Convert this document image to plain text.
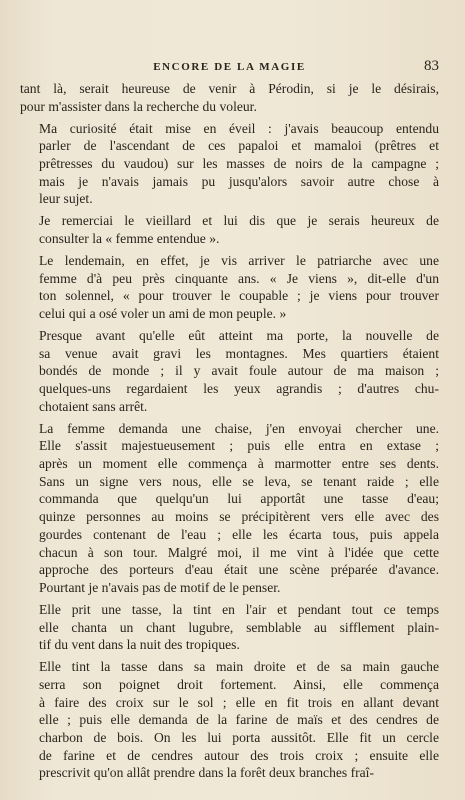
ENCORE DE LA MAGIE	83

tant là, serait heureuse de venir à Pérodin, si je le désirais,
pour m'assister dans la recherche du voleur.

Ma curiosité était mise en éveil : j'avais beaucoup entendu
parler de l'ascendant de ces papaloi et mamaloi (prêtres et
prêtresses du vaudou) sur les masses de noirs de la campagne ;
mais je n'avais jamais pu jusqu'alors savoir autre chose à
leur sujet.

Je remerciai le vieillard et lui dis que je serais heureux de
consulter la « femme entendue ».

Le lendemain, en effet, je vis arriver le patriarche avec une
femme d'à peu près cinquante ans. « Je viens », dit-elle d'un
ton solennel, « pour trouver le coupable ; je viens pour trouver
celui qui a osé voler un ami de mon peuple. »

Presque avant qu'elle eût atteint ma porte, la nouvelle de
sa venue avait gravi les montagnes. Mes quartiers étaient
bondés de monde ; il y avait foule autour de ma maison ;
quelques-uns regardaient les yeux agrandis ; d'autres chu-
chotaient sans arrêt.

La femme demanda une chaise, j'en envoyai chercher une.
Elle s'assit majestueusement ; puis elle entra en extase ;
après un moment elle commença à marmotter entre ses dents.
Sans un signe vers nous, elle se leva, se tenant raide ; elle
commanda que quelqu'un lui apportât une tasse d'eau;
quinze personnes au moins se précipitèrent vers elle avec des
gourdes contenant de l'eau ; elle les écarta tous, puis appela
chacun à son tour. Malgré moi, il me vint à l'idée que cette
approche des porteurs d'eau était une scène préparée d'avance.
Pourtant je n'avais pas de motif de le penser.

Elle prit une tasse, la tint en l'air et pendant tout ce temps
elle chanta un chant lugubre, semblable au sifflement plain-
tif du vent dans la nuit des tropiques.

Elle tint la tasse dans sa main droite et de sa main gauche
serra son poignet droit fortement. Ainsi, elle commença
à faire des croix sur le sol ; elle en fit trois en allant devant
elle ; puis elle demanda de la farine de maïs et des cendres de
charbon de bois. On les lui porta aussitôt. Elle fit un cercle
de farine et de cendres autour des trois croix ; ensuite elle
prescrivit qu'on allât prendre dans la forêt deux branches fraî-
